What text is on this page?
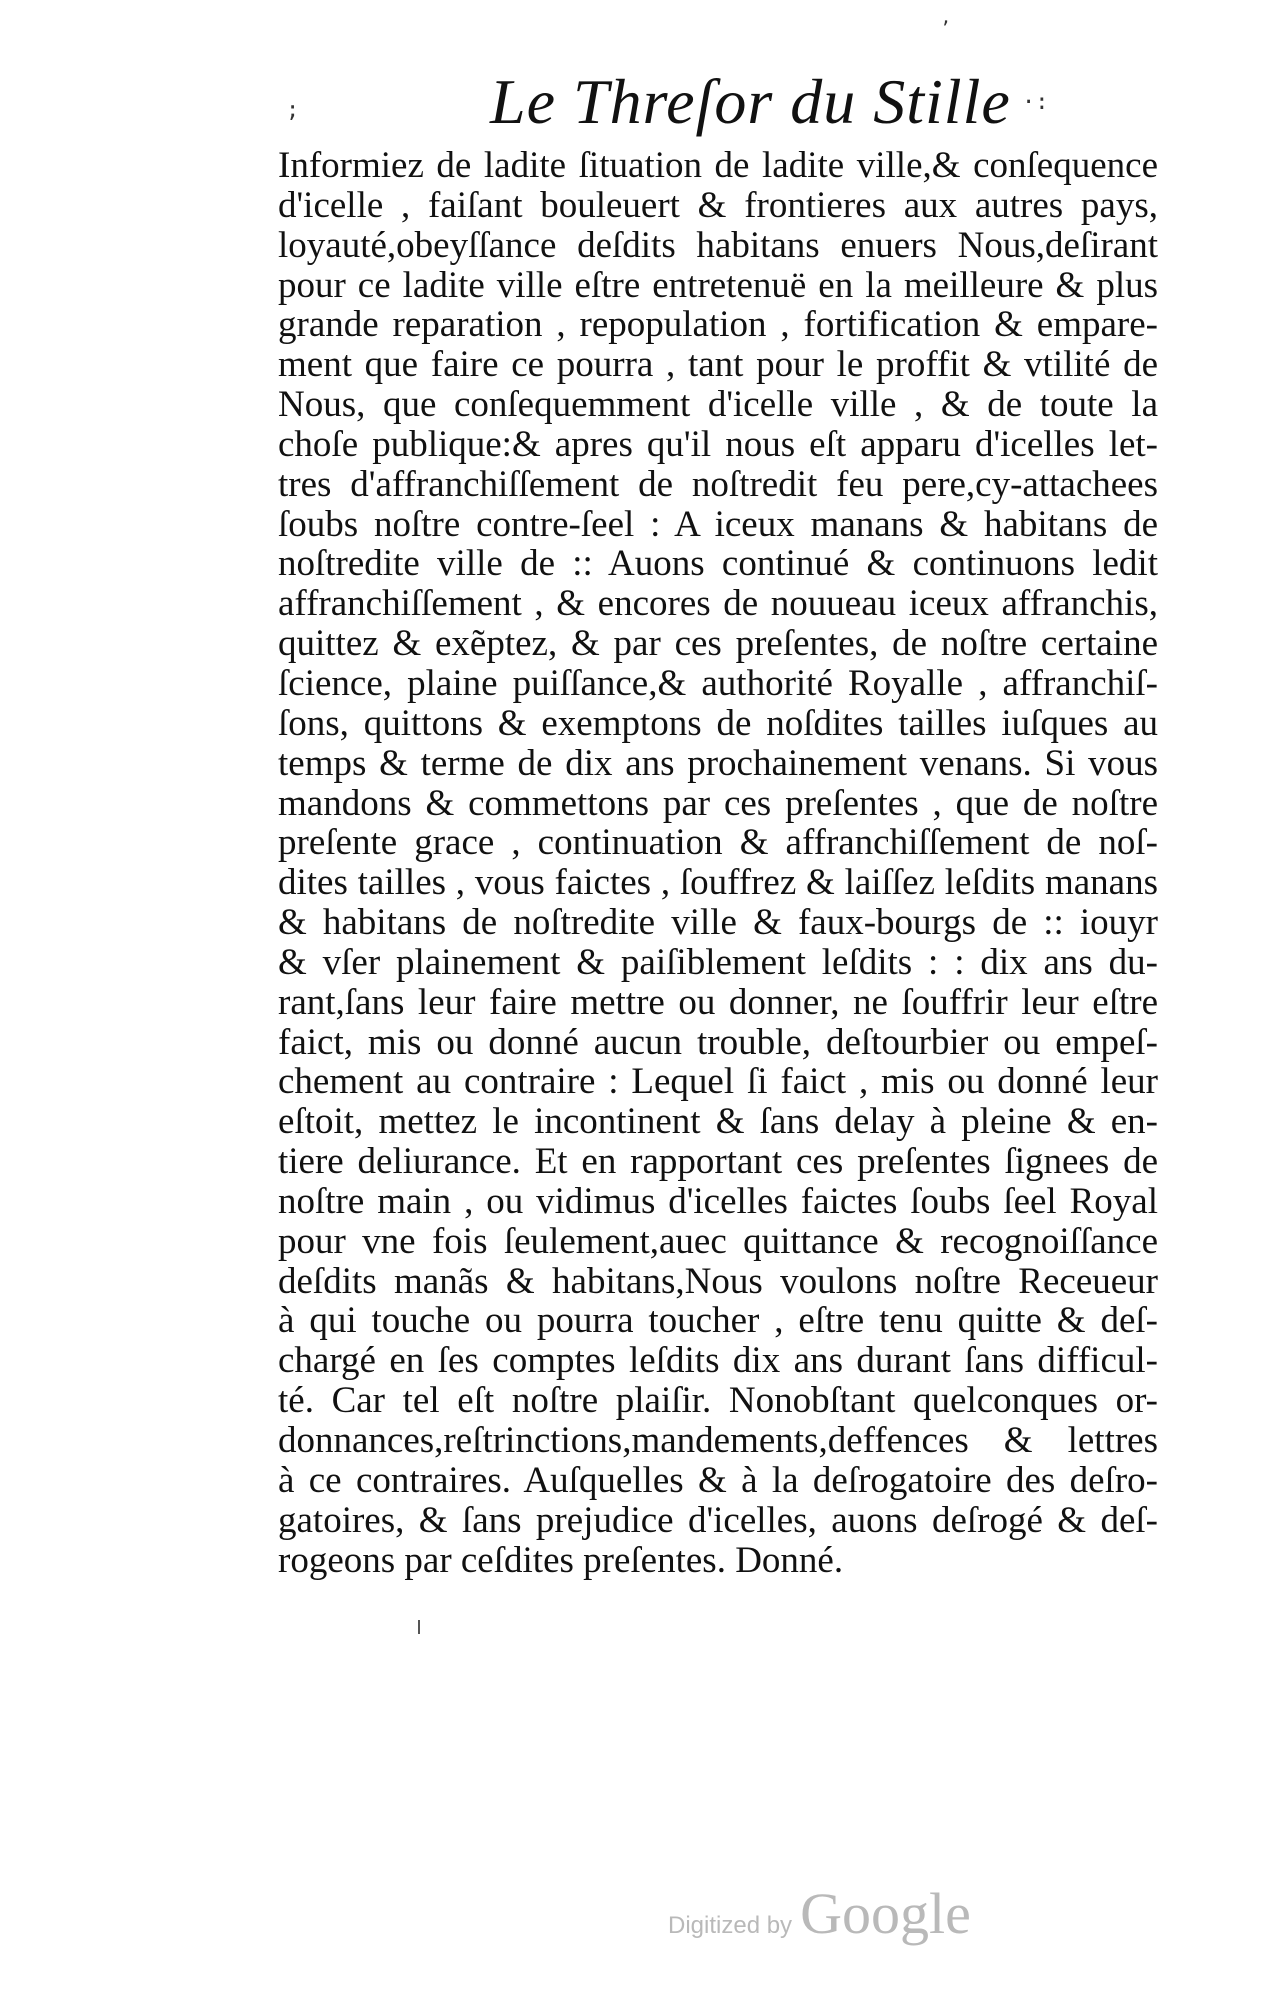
ʼ
;	Le Threſor du Stille ·:
Informiez de ladite ſituation de ladite ville,& conſequence
d'icelle , faiſant bouleuert & frontieres aux autres pays,
loyauté,obeyſſance deſdits habitans enuers Nous,deſirant
pour ce ladite ville eſtre entretenuë en la meilleure & plus
grande reparation , repopulation , fortification & empare-
ment que faire ce pourra , tant pour le proffit & vtilité de
Nous, que conſequemment d'icelle ville , & de toute la
choſe publique:& apres qu'il nous eſt apparu d'icelles let-
tres d'affranchiſſement de noſtredit feu pere,cy-attachees
ſoubs noſtre contre-ſeel : A iceux manans & habitans de
noſtredite ville de :: Auons continué & continuons ledit
affranchiſſement , & encores de nouueau iceux affranchis,
quittez & exẽptez, & par ces preſentes, de noſtre certaine
ſcience, plaine puiſſance,& authorité Royalle , affranchiſ-
ſons, quittons & exemptons de noſdites tailles iuſques au
temps & terme de dix ans prochainement venans. Si vous
mandons & commettons par ces preſentes , que de noſtre
preſente grace , continuation & affranchiſſement de noſ-
dites tailles , vous faictes , ſouffrez & laiſſez leſdits manans
& habitans de noſtredite ville & faux-bourgs de :: iouyr
& vſer plainement & paiſiblement leſdits : : dix ans du-
rant,ſans leur faire mettre ou donner, ne ſouffrir leur eſtre
faict, mis ou donné aucun trouble, deſtourbier ou empeſ-
chement au contraire : Lequel ſi faict , mis ou donné leur
eſtoit, mettez le incontinent & ſans delay à pleine & en-
tiere deliurance. Et en rapportant ces preſentes ſignees de
noſtre main , ou vidimus d'icelles faictes ſoubs ſeel Royal
pour vne fois ſeulement,auec quittance & recognoiſſance
deſdits manãs & habitans,Nous voulons noſtre Receueur
à qui touche ou pourra toucher , eſtre tenu quitte & deſ-
chargé en ſes comptes leſdits dix ans durant ſans difficul-
té. Car tel eſt noſtre plaiſir. Nonobſtant quelconques or-
donnances,reſtrinctions,mandements,deffences & lettres
à ce contraires. Auſquelles & à la deſrogatoire des deſro-
gatoires, & ſans prejudice d'icelles, auons deſrogé & deſ-
rogeons par ceſdites preſentes. Donné.
Digitized by Google
